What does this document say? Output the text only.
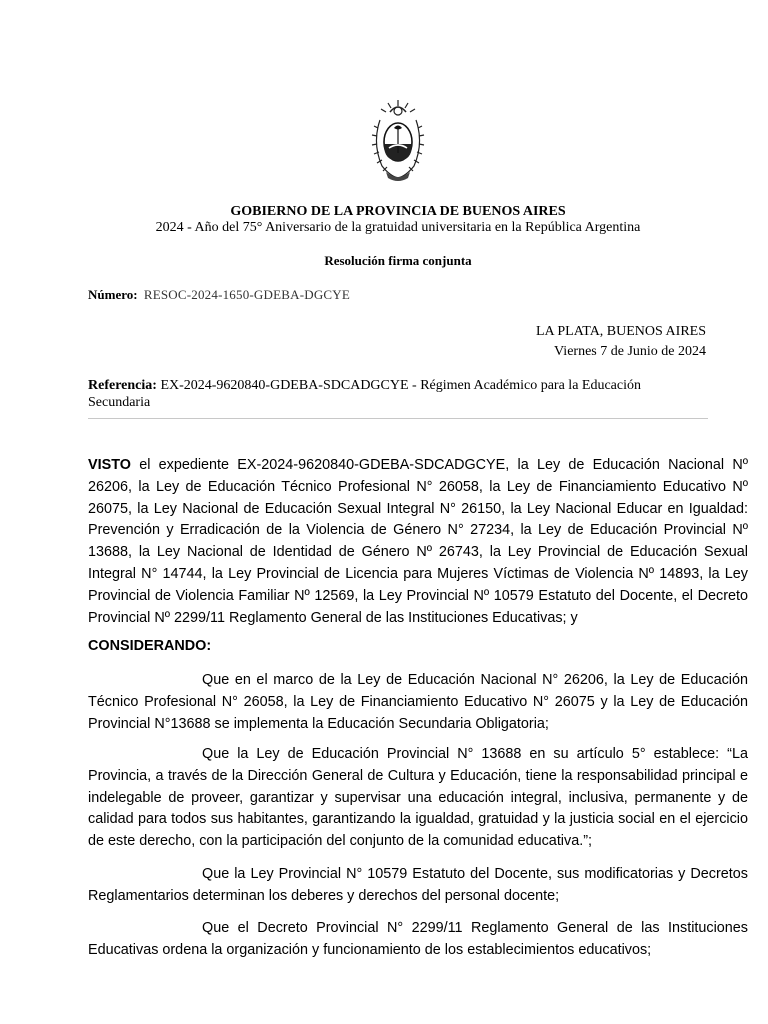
GOBIERNO DE LA PROVINCIA DE BUENOS AIRES
2024 - Año del 75° Aniversario de la gratuidad universitaria en la República Argentina
Resolución firma conjunta
Número: RESOC-2024-1650-GDEBA-DGCYE
LA PLATA, BUENOS AIRES
Viernes 7 de Junio de 2024
Referencia: EX-2024-9620840-GDEBA-SDCADGCYE - Régimen Académico para la Educación Secundaria
VISTO el expediente EX-2024-9620840-GDEBA-SDCADGCYE, la Ley de Educación Nacional Nº 26206, la Ley de Educación Técnico Profesional N° 26058, la Ley de Financiamiento Educativo Nº 26075, la Ley Nacional de Educación Sexual Integral N° 26150, la Ley Nacional Educar en Igualdad: Prevención y Erradicación de la Violencia de Género N° 27234, la Ley de Educación Provincial Nº 13688, la Ley Nacional de Identidad de Género Nº 26743, la Ley Provincial de Educación Sexual Integral N° 14744, la Ley Provincial de Licencia para Mujeres Víctimas de Violencia Nº 14893, la Ley Provincial de Violencia Familiar Nº 12569, la Ley Provincial Nº 10579 Estatuto del Docente, el Decreto Provincial Nº 2299/11 Reglamento General de las Instituciones Educativas; y
CONSIDERANDO:
Que en el marco de la Ley de Educación Nacional N° 26206, la Ley de Educación Técnico Profesional N° 26058, la Ley de Financiamiento Educativo N° 26075 y la Ley de Educación Provincial N°13688 se implementa la Educación Secundaria Obligatoria;
Que la Ley de Educación Provincial N° 13688 en su artículo 5° establece: “La Provincia, a través de la Dirección General de Cultura y Educación, tiene la responsabilidad principal e indelegable de proveer, garantizar y supervisar una educación integral, inclusiva, permanente y de calidad para todos sus habitantes, garantizando la igualdad, gratuidad y la justicia social en el ejercicio de este derecho, con la participación del conjunto de la comunidad educativa.”;
Que la Ley Provincial N° 10579 Estatuto del Docente, sus modificatorias y Decretos Reglamentarios determinan los deberes y derechos del personal docente;
Que el Decreto Provincial N° 2299/11 Reglamento General de las Instituciones Educativas ordena la organización y funcionamiento de los establecimientos educativos;
